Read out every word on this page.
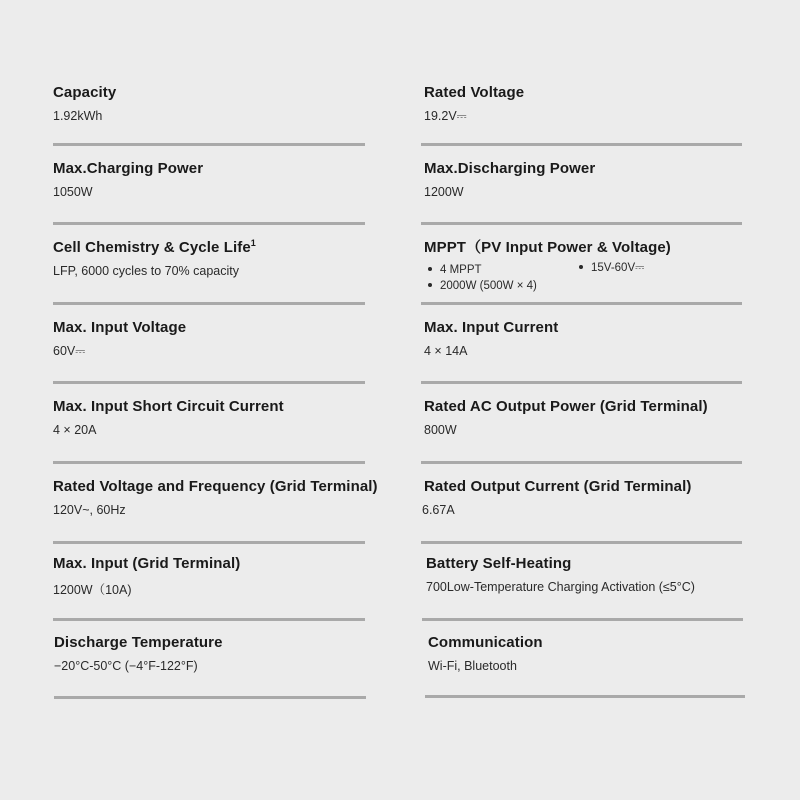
Capacity
1.92kWh
Max.Charging Power
1050W
Cell Chemistry & Cycle Life$^1$
LFP, 6000 cycles to 70% capacity
Max. Input Voltage
60V⎓
Max. Input Short Circuit Current
4 × 20A
Rated Voltage and Frequency (Grid Terminal)
120V~, 60Hz
Max. Input (Grid Terminal)
1200W（10A)
Discharge Temperature
−20°C-50°C (−4°F-122°F)
Rated Voltage
19.2V⎓
Max.Discharging Power
1200W
MPPT（PV Input Power & Voltage)
4 MPPT
2000W (500W × 4)
15V-60V⎓
Max. Input Current
4 × 14A
Rated AC Output Power (Grid Terminal)
800W
Rated Output Current (Grid Terminal)
6.67A
Battery Self-Heating
700Low-Temperature Charging Activation (≤5°C)
Communication
Wi-Fi, Bluetooth
